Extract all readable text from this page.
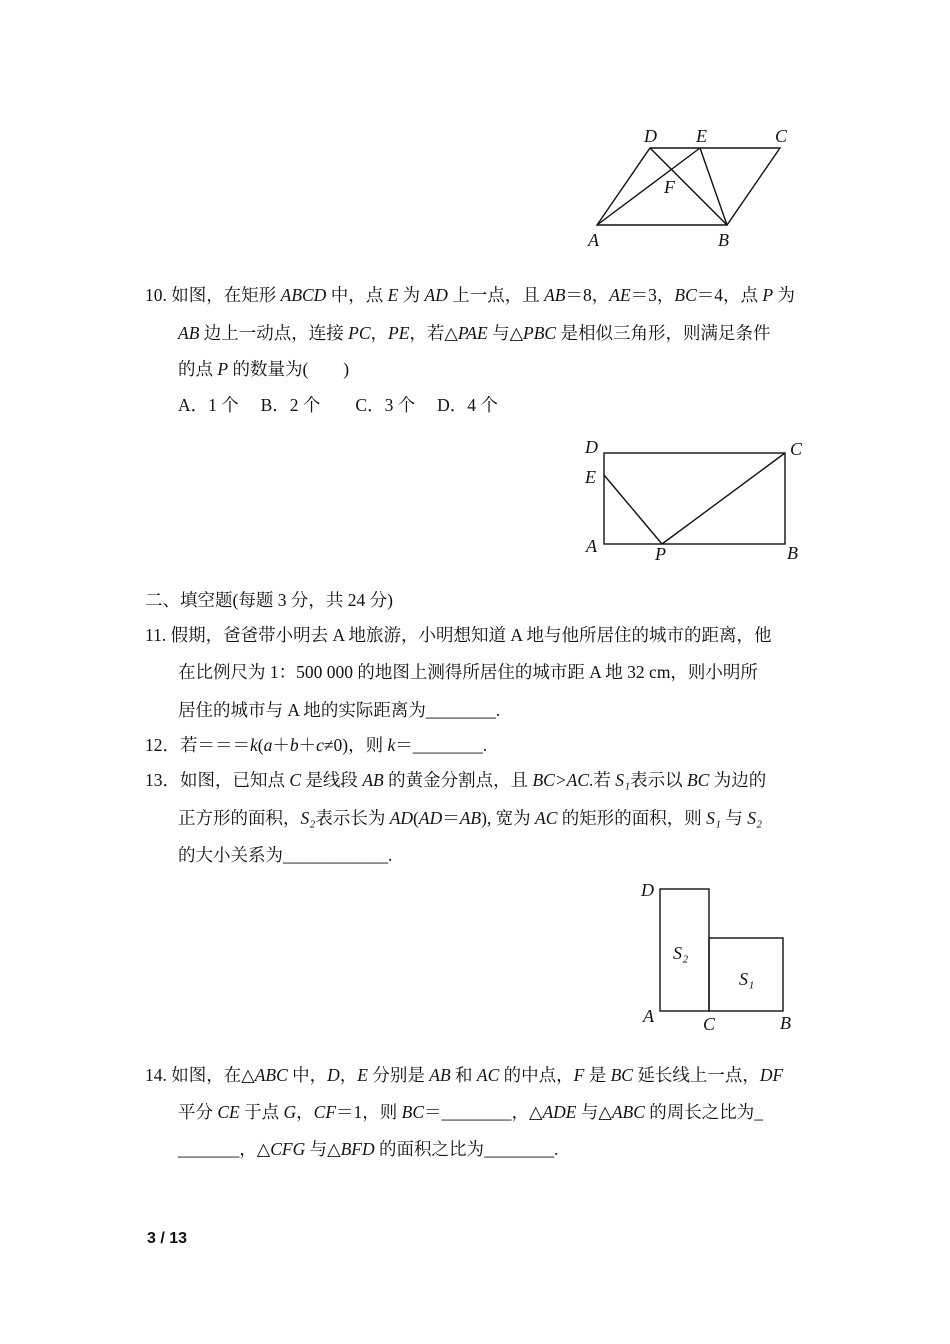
D E	C
F
A	B
D	C
E
A	P	B
D
A	C	B
S₂
S₁
10. 如图，在矩形 ABCD 中，点 E 为 AD 上一点，且 AB＝8，AE＝3，BC＝4，点 P 为
AB 边上一动点，连接 PC，PE，若△PAE 与△PBC 是相似三角形，则满足条件
的点 P 的数量为(　　)
A．1 个　 B．2 个　　C．3 个　 D．4 个
二、填空题(每题 3 分，共 24 分)
11. 假期，爸爸带小明去 A 地旅游，小明想知道 A 地与他所居住的城市的距离，他
在比例尺为 1：500 000 的地图上测得所居住的城市距 A 地 32 cm，则小明所
居住的城市与 A 地的实际距离为________.
12．若＝＝＝k(a＋b＋c≠0)，则 k＝________.
13．如图，已知点 C 是线段 AB 的黄金分割点，且 BC>AC.若 S₁表示以 BC 为边的
正方形的面积，S₂表示长为 AD(AD＝AB), 宽为 AC 的矩形的面积，则 S₁ 与 S₂
的大小关系为____________.
14. 如图，在△ABC 中，D，E 分别是 AB 和 AC 的中点，F 是 BC 延长线上一点，DF
平分 CE 于点 G，CF＝1，则 BC＝________，△ADE 与△ABC 的周长之比为_
_______，△CFG 与△BFD 的面积之比为________.
3 / 13
